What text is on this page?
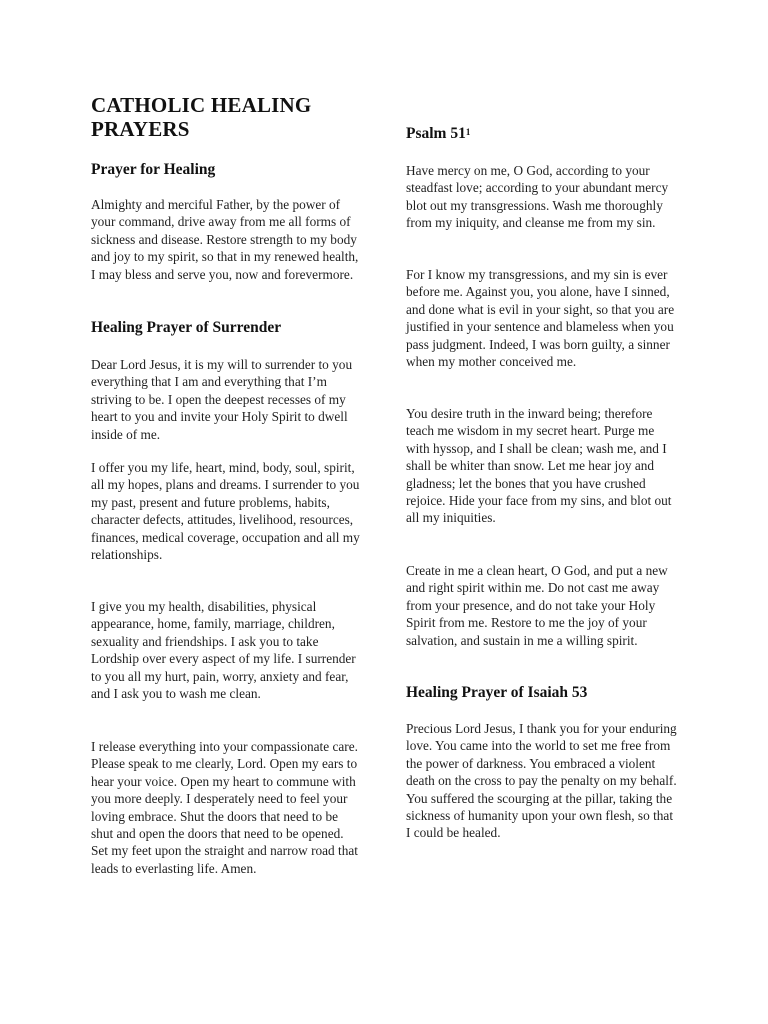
CATHOLIC HEALING PRAYERS
Prayer for Healing

Almighty and merciful Father, by the power of your command, drive away from me all forms of sickness and disease. Restore strength to my body and joy to my spirit, so that in my renewed health, I may bless and serve you, now and forevermore.

Healing Prayer of Surrender

Dear Lord Jesus, it is my will to surrender to you everything that I am and everything that I’m striving to be. I open the deepest recesses of my heart to you and invite your Holy Spirit to dwell inside of me.

I offer you my life, heart, mind, body, soul, spirit, all my hopes, plans and dreams. I surrender to you my past, present and future problems, habits, character defects, attitudes, livelihood, resources, finances, medical coverage, occupation and all my relationships.

I give you my health, disabilities, physical appearance, home, family, marriage, children, sexuality and friendships. I ask you to take Lordship over every aspect of my life. I surrender to you all my hurt, pain, worry, anxiety and fear, and I ask you to wash me clean.

I release everything into your compassionate care. Please speak to me clearly, Lord. Open my ears to hear your voice. Open my heart to commune with you more deeply. I desperately need to feel your loving embrace. Shut the doors that need to be shut and open the doors that need to be opened. Set my feet upon the straight and narrow road that leads to everlasting life. Amen.

Psalm $51^1$

Have mercy on me, O God, according to your steadfast love; according to your abundant mercy blot out my transgressions. Wash me thoroughly from my iniquity, and cleanse me from my sin.

For I know my transgressions, and my sin is ever before me. Against you, you alone, have I sinned, and done what is evil in your sight, so that you are justified in your sentence and blameless when you pass judgment. Indeed, I was born guilty, a sinner when my mother conceived me.

You desire truth in the inward being; therefore teach me wisdom in my secret heart. Purge me with hyssop, and I shall be clean; wash me, and I shall be whiter than snow. Let me hear joy and gladness; let the bones that you have crushed rejoice. Hide your face from my sins, and blot out all my iniquities.

Create in me a clean heart, O God, and put a new and right spirit within me. Do not cast me away from your presence, and do not take your Holy Spirit from me. Restore to me the joy of your salvation, and sustain in me a willing spirit.

Healing Prayer of Isaiah 53

Precious Lord Jesus, I thank you for your enduring love. You came into the world to set me free from the power of darkness. You embraced a violent death on the cross to pay the penalty on my behalf. You suffered the scourging at the pillar, taking the sickness of humanity upon your own flesh, so that I could be healed.
